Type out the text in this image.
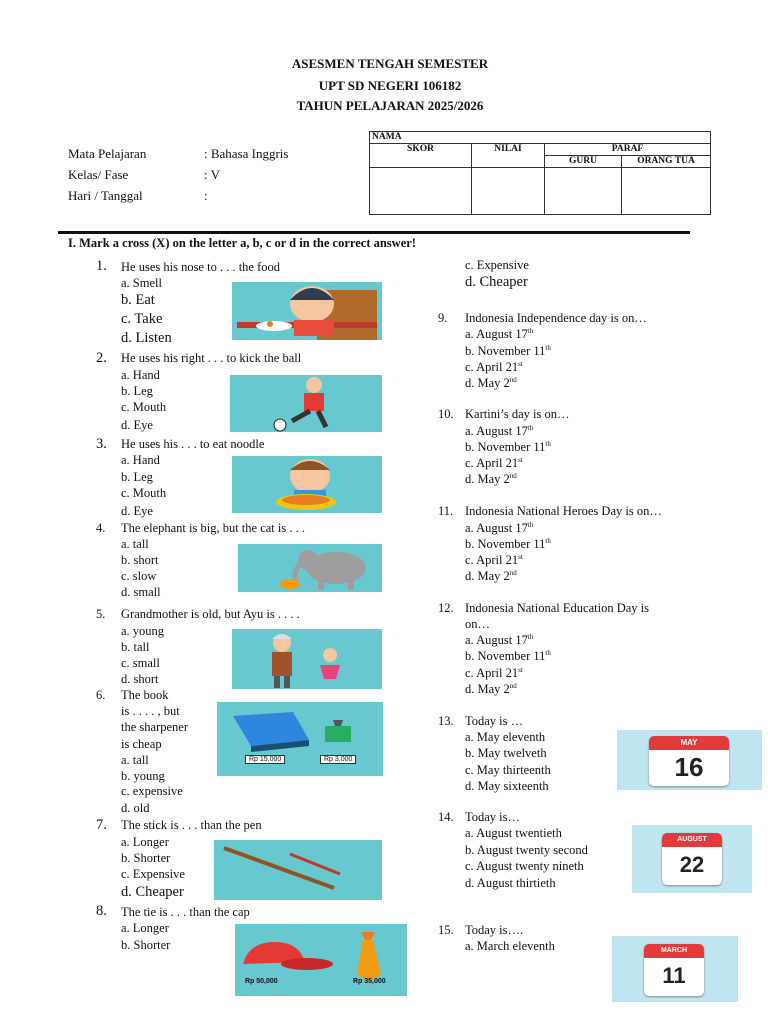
ASESMEN TENGAH SEMESTER
UPT SD NEGERI 106182
TAHUN PELAJARAN 2025/2026
Mata Pelajaran	: Bahasa Inggris
Kelas/ Fase	: V
Hari / Tanggal	:
NAMA			
SKOR	NILAI	PARAF	
		GURU	ORANG TUA

I. Mark a cross (X) on the letter a, b, c or d in the correct answer!
1. He uses his nose to . . . the food
a. Smell
b. Eat
c. Take
d. Listen
2. He uses his right . . . to kick the ball
a. Hand
b. Leg
c. Mouth
d. Eye
3. He uses his . . . to eat noodle
a. Hand
b. Leg
c. Mouth
d. Eye
4. The elephant is big, but the cat is . . .
a. tall
b. short
c. slow
d. small
5. Grandmother is old, but Ayu is . . . .
a. young
b. tall
c. small
d. short
6. The book
is . . . . , but
the sharpener
is cheap
a. tall
b. young
c. expensive
d. old
Rp 15,000	Rp 3,000
7. The stick is . . . than the pen
a. Longer
b. Shorter
c. Expensive
d. Cheaper
8. The tie is . . . than the cap
a. Longer
b. Shorter
Rp 50,000	Rp 35,000
c. Expensive
d. Cheaper
9. Indonesia Independence day is on…
a. August 17th
b. November 11th
c. April 21st
d. May 2nd
10. Kartini’s day is on…
a. August 17th
b. November 11th
c. April 21st
d. May 2nd
11. Indonesia National Heroes Day is on…
a. August 17th
b. November 11th
c. April 21st
d. May 2nd
12. Indonesia National Education Day is
on…
a. August 17th
b. November 11th
c. April 21st
d. May 2nd
13. Today is …
a. May eleventh
b. May twelveth
c. May thirteenth
d. May sixteenth
MAY
16
14. Today is…
a. August twentieth
b. August twenty second
c. August twenty nineth
d. August thirtieth
AUGUST
22
15. Today is….
a. March eleventh	MARCH
11
